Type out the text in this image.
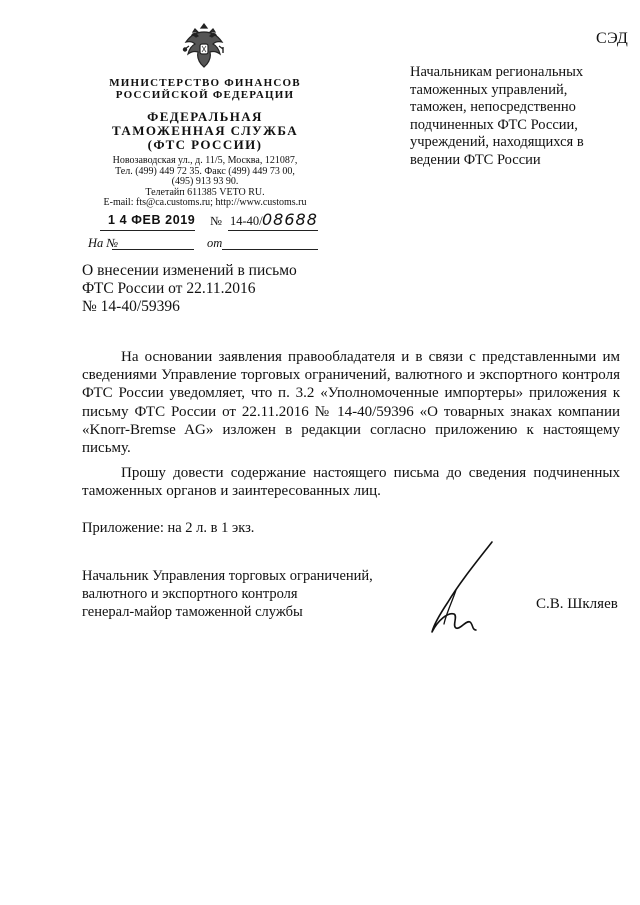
СЭД
МИНИСТЕРСТВО ФИНАНСОВ
РОССИЙСКОЙ ФЕДЕРАЦИИ
ФЕДЕРАЛЬНАЯ
ТАМОЖЕННАЯ СЛУЖБА
(ФТС РОССИИ)
Новозаводская ул., д. 11/5, Москва, 121087,
Тел. (499) 449 72 35. Факс (499) 449 73 00,
(495) 913 93 90.
Телетайп 611385 VETO RU.
E-mail: fts@ca.customs.ru; http://www.customs.ru
1 4 ФЕВ 2019 № 14-40/ 08688
На №	от
Начальникам региональных
таможенных управлений,
таможен, непосредственно
подчиненных ФТС России,
учреждений, находящихся в
ведении ФТС России
О внесении изменений в письмо
ФТС России от 22.11.2016
№ 14-40/59396

На основании заявления правообладателя и в связи с представленными им сведениями Управление торговых ограничений, валютного и экспортного контроля ФТС России уведомляет, что п. 3.2 «Уполномоченные импортеры» приложения к письму ФТС России от 22.11.2016 № 14-40/59396 «О товарных знаках компании «Knorr-Bremse AG» изложен в редакции согласно приложению к настоящему письму.

Прошу довести содержание настоящего письма до сведения подчиненных таможенных органов и заинтересованных лиц.

Приложение: на 2 л. в 1 экз.
Начальник Управления торговых ограничений,
валютного и экспортного контроля
генерал-майор таможенной службы	С.В. Шкляев
